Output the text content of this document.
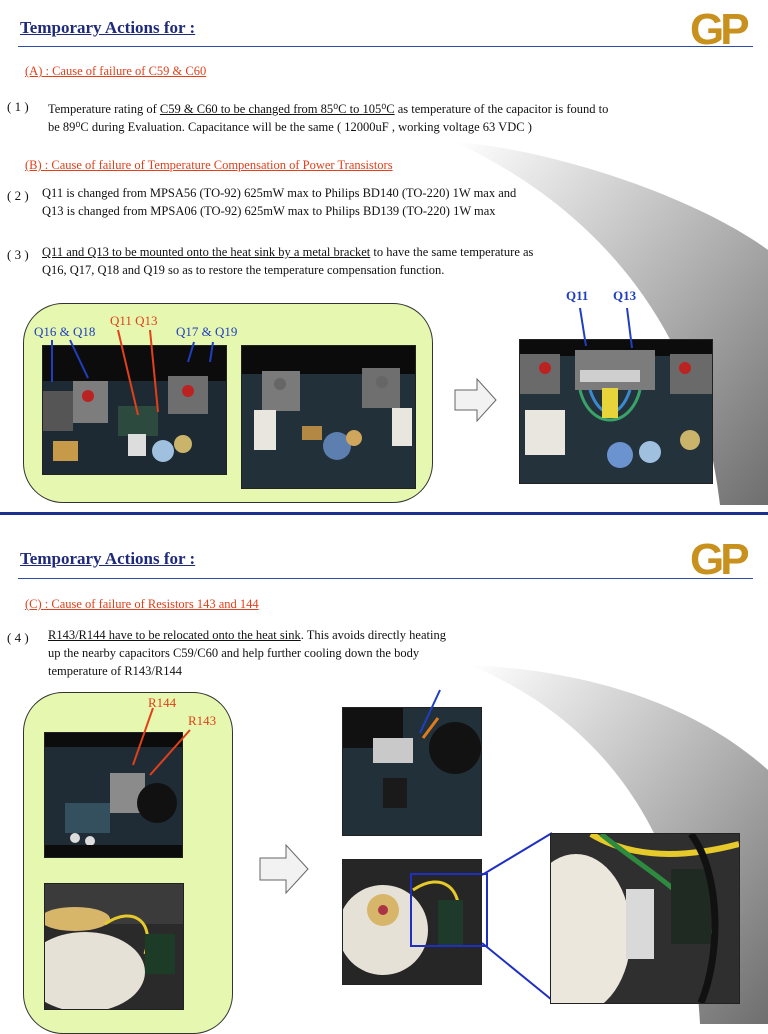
Temporary Actions for :	GP
(A) : Cause of failure of C59 & C60
( 1 ) Temperature rating of C59 & C60 to be changed from 85⁰C to 105⁰C as temperature of the capacitor is found to
be 89⁰C during Evaluation. Capacitance will be the same ( 12000uF , working voltage 63 VDC )
(B) : Cause of failure of Temperature Compensation of Power Transistors
( 2 ) Q11 is changed from MPSA56 (TO-92) 625mW max to Philips BD140 (TO-220) 1W max and
Q13 is changed from MPSA06 (TO-92) 625mW max to Philips BD139 (TO-220) 1W max
( 3 ) Q11 and Q13 to be mounted onto the heat sink by a metal bracket to have the same temperature as
Q16, Q17, Q18 and Q19 so as to restore the temperature compensation function.
Q16 & Q18
Q11 Q13
Q17 & Q19
Q11 Q13
Temporary Actions for :	GP
(C) : Cause of failure of Resistors 143 and 144
( 4 ) R143/R144 have to be relocated onto the heat sink. This avoids directly heating
up the nearby capacitors C59/C60 and help further cooling down the body
temperature of R143/R144
R144
R143
